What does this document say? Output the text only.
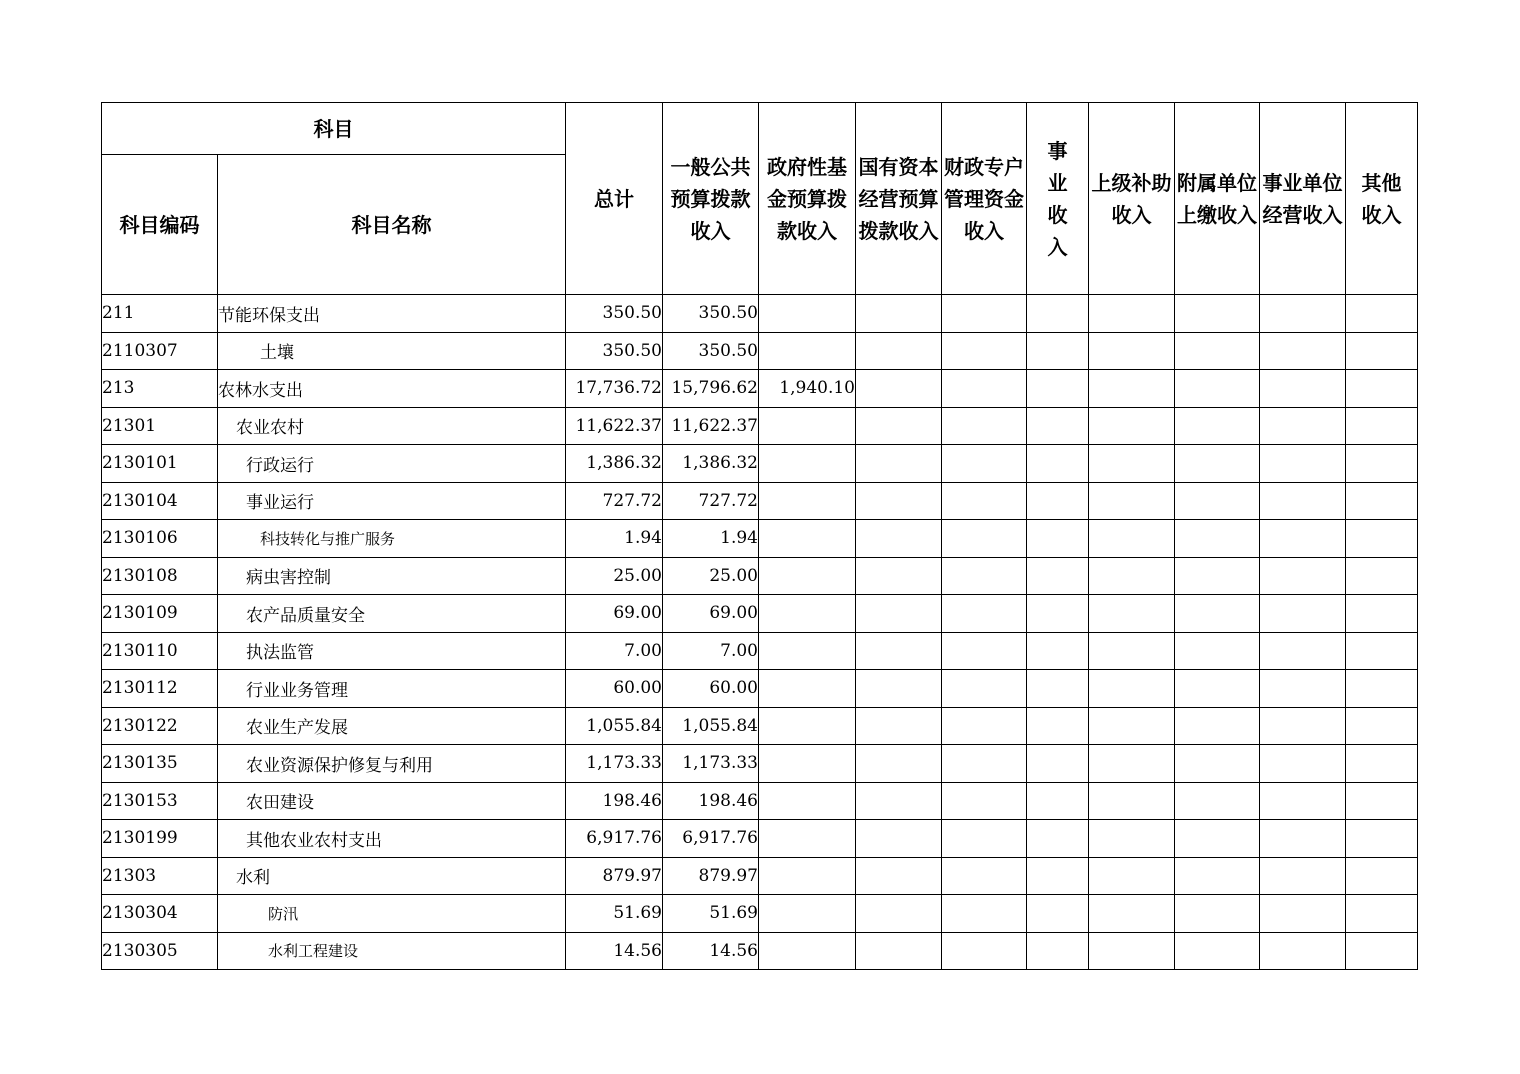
科目		总计	一般公共预算拨款收入	政府性基金预算拨款收入	国有资本经营预算拨款收入	财政专户管理资金收入	事业收入	上级补助收入	附属单位上缴收入	事业单位经营收入	其他收入
科目编码	科目名称										
211	节能环保支出	350.50	350.50								
2110307	土壤	350.50	350.50								
213	农林水支出	17,736.72	15,796.62	1,940.10							
21301	农业农村	11,622.37	11,622.37								
2130101	行政运行	1,386.32	1,386.32								
2130104	事业运行	727.72	727.72								
2130106	科技转化与推广服务	1.94	1.94								
2130108	病虫害控制	25.00	25.00								
2130109	农产品质量安全	69.00	69.00								
2130110	执法监管	7.00	7.00								
2130112	行业业务管理	60.00	60.00								
2130122	农业生产发展	1,055.84	1,055.84								
2130135	农业资源保护修复与利用	1,173.33	1,173.33								
2130153	农田建设	198.46	198.46								
2130199	其他农业农村支出	6,917.76	6,917.76								
21303	水利	879.97	879.97								
2130304	防汛	51.69	51.69								
2130305	水利工程建设	14.56	14.56								
